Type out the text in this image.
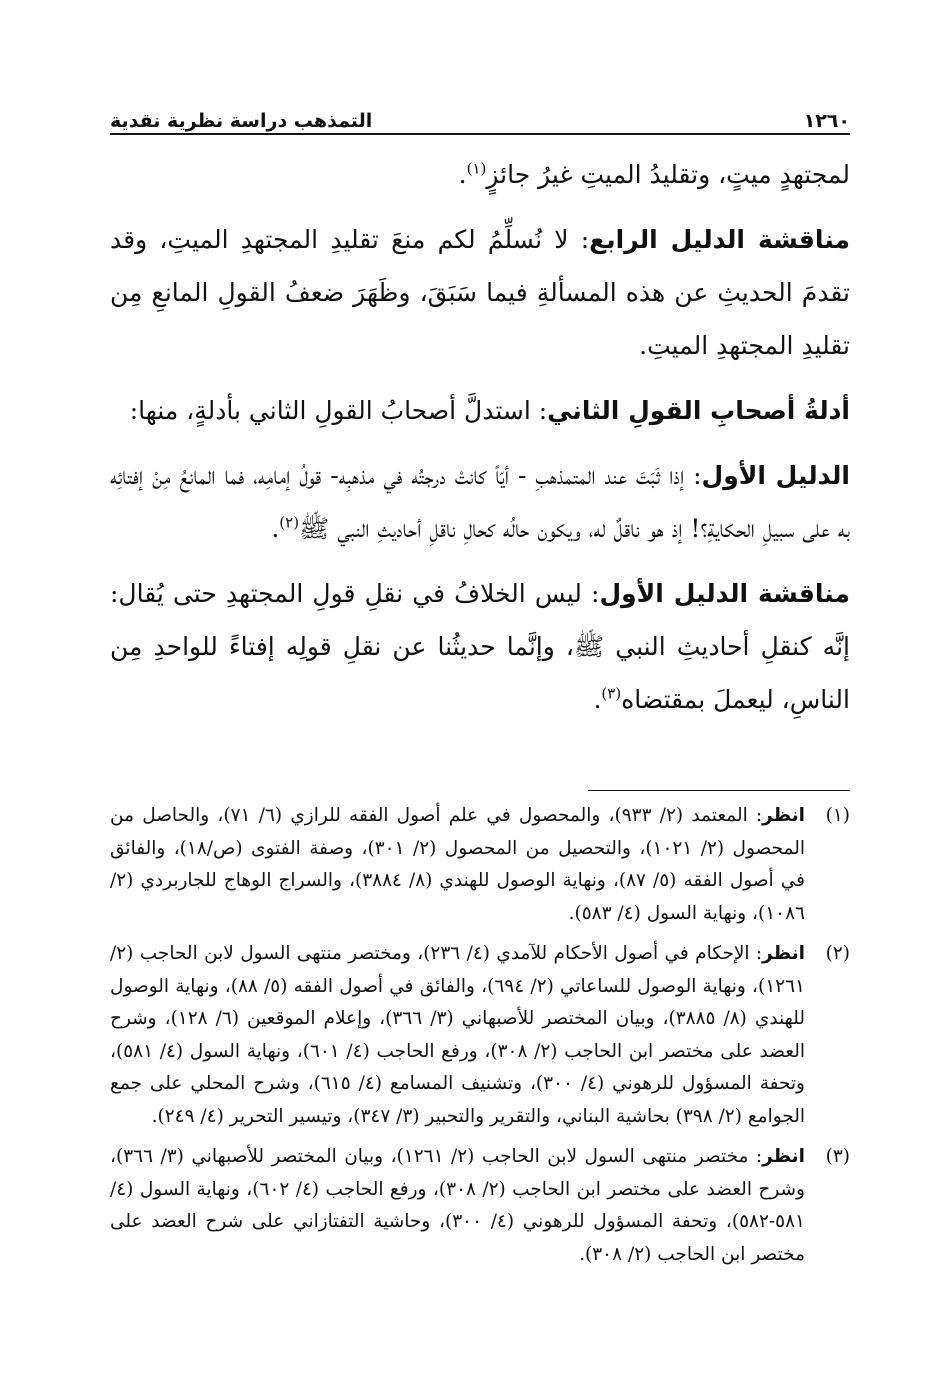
١٢٦٠
التمذهب دراسة نظرية نقدية

لمجتهدٍ ميتٍ، وتقليدُ الميتِ غيرُ جائزٍ$^{(١)}$.

مناقشة الدليل الرابع: لا نُسلِّمُ لكم منعَ تقليدِ المجتهدِ الميتِ، وقد تقدمَ الحديثِ عن هذه المسألةِ فيما سَبَقَ، وظَهَرَ ضعفُ القولِ المانعِ مِن تقليدِ المجتهدِ الميتِ.

أدلةُ أصحابِ القولِ الثاني: استدلَّ أصحابُ القولِ الثاني بأدلةٍ، منها:

الدليل الأول: إذا ثَبَتَ عند المتمذهبِ - أيّاً كانتْ درجتُه في مذهبِه- قولُ إمامِه، فما المانعُ مِنْ إفتائِه به على سبيلِ الحكايةِ؟! إذ هو ناقلٌ له، ويكون حالُه كحالِ ناقلِ أحاديثِ النبي ﷺ$^{(٢)}$.

مناقشة الدليل الأول: ليس الخلافُ في نقلِ قولِ المجتهدِ حتى يُقال: إنَّه كنقلِ أحاديثِ النبي ﷺ، وإنَّما حديثُنا عن نقلِ قولِه إفتاءً للواحدِ مِن الناسِ، ليعملَ بمقتضاه$^{(٣)}$.

(١)
انظر: المعتمد (٢/ ٩٣٣)، والمحصول في علم أصول الفقه للرازي (٦/ ٧١)، والحاصل من المحصول (٢/ ١٠٢١)، والتحصيل من المحصول (٢/ ٣٠١)، وصفة الفتوى (ص/١٨)، والفائق في أصول الفقه (٥/ ٨٧)، ونهاية الوصول للهندي (٨/ ٣٨٨٤)، والسراج الوهاج للجاربردي (٢/ ١٠٨٦)، ونهاية السول (٤/ ٥٨٣).
(٢)
انظر: الإحكام في أصول الأحكام للآمدي (٤/ ٢٣٦)، ومختصر منتهى السول لابن الحاجب (٢/ ١٢٦١)، ونهاية الوصول للساعاتي (٢/ ٦٩٤)، والفائق في أصول الفقه (٥/ ٨٨)، ونهاية الوصول للهندي (٨/ ٣٨٨٥)، وبيان المختصر للأصبهاني (٣/ ٣٦٦)، وإعلام الموقعين (٦/ ١٢٨)، وشرح العضد على مختصر ابن الحاجب (٢/ ٣٠٨)، ورفع الحاجب (٤/ ٦٠١)، ونهاية السول (٤/ ٥٨١)، وتحفة المسؤول للرهوني (٤/ ٣٠٠)، وتشنيف المسامع (٤/ ٦١٥)، وشرح المحلي على جمع الجوامع (٢/ ٣٩٨) بحاشية البناني، والتقرير والتحبير (٣/ ٣٤٧)، وتيسير التحرير (٤/ ٢٤٩).
(٣)
انظر: مختصر منتهى السول لابن الحاجب (٢/ ١٢٦١)، وبيان المختصر للأصبهاني (٣/ ٣٦٦)، وشرح العضد على مختصر ابن الحاجب (٢/ ٣٠٨)، ورفع الحاجب (٤/ ٦٠٢)، ونهاية السول (٤/ ٥٨١-٥٨٢)، وتحفة المسؤول للرهوني (٤/ ٣٠٠)، وحاشية التفتازاني على شرح العضد على مختصر ابن الحاجب (٢/ ٣٠٨).
